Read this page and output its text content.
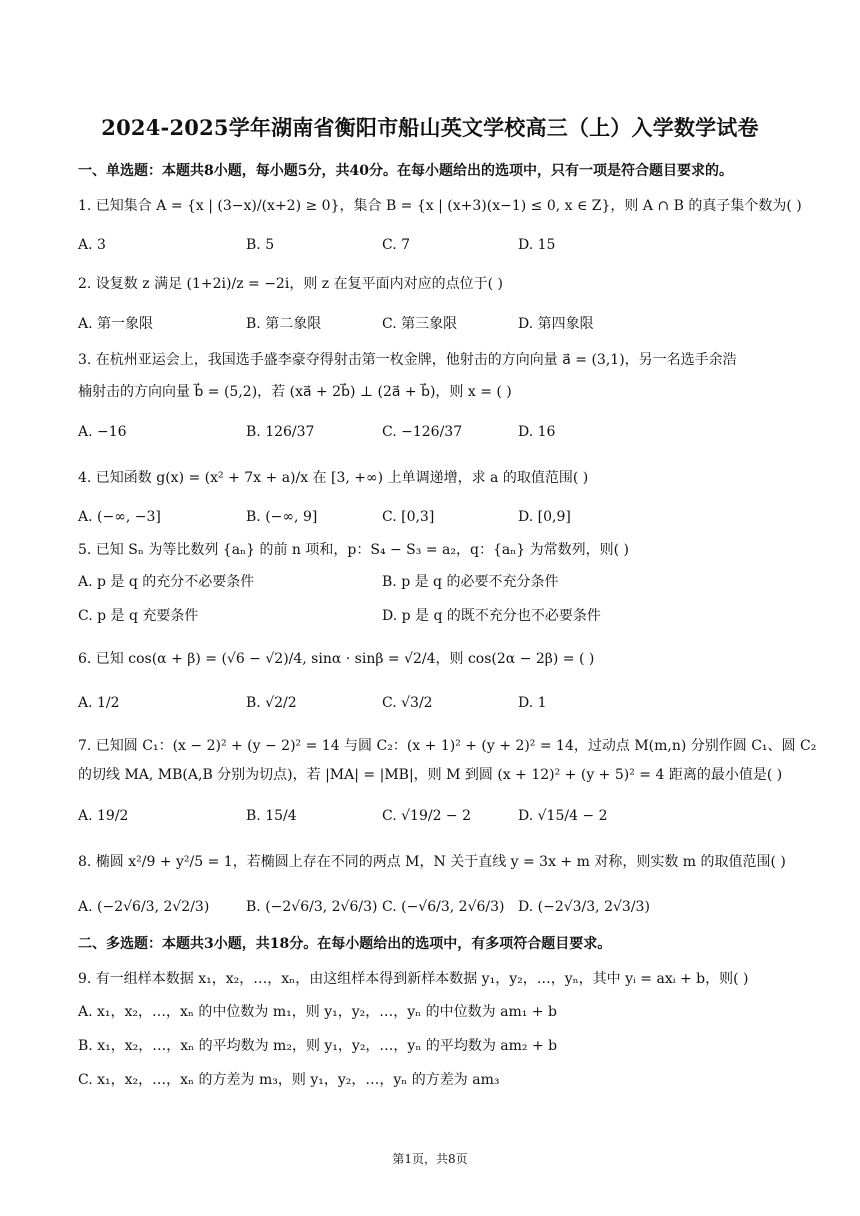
2024-2025学年湖南省衡阳市船山英文学校高三（上）入学数学试卷
一、单选题：本题共8小题，每小题5分，共40分。在每小题给出的选项中，只有一项是符合题目要求的。
1. 已知集合 A = {x | (3−x)/(x+2) ≥ 0}，集合 B = {x | (x+3)(x−1) ≤ 0, x ∈ Z}，则 A ∩ B 的真子集个数为( )
A. 3	B. 5	C. 7	D. 15
2. 设复数 z 满足 (1+2i)/z = −2i，则 z 在复平面内对应的点位于( )
A. 第一象限	B. 第二象限	C. 第三象限	D. 第四象限
3. 在杭州亚运会上，我国选手盛李豪夺得射击第一枚金牌，他射击的方向向量 a⃗ = (3,1)，另一名选手余浩
楠射击的方向向量 b⃗ = (5,2)，若 (xa⃗ + 2b⃗) ⊥ (2a⃗ + b⃗)，则 x = ( )
A. −16	B. 126/37	C. −126/37	D. 16
4. 已知函数 g(x) = (x² + 7x + a)/x 在 [3, +∞) 上单调递增，求 a 的取值范围( )
A. (−∞, −3]	B. (−∞, 9]	C. [0,3]	D. [0,9]
5. 已知 Sₙ 为等比数列 {aₙ} 的前 n 项和，p：S₄ − S₃ = a₂，q：{aₙ} 为常数列，则( )
A. p 是 q 的充分不必要条件	B. p 是 q 的必要不充分条件
C. p 是 q 充要条件	D. p 是 q 的既不充分也不必要条件
6. 已知 cos(α + β) = (√6 − √2)/4, sinα · sinβ = √2/4，则 cos(2α − 2β) = ( )
A. 1/2	B. √2/2	C. √3/2	D. 1
7. 已知圆 C₁：(x − 2)² + (y − 2)² = 14 与圆 C₂：(x + 1)² + (y + 2)² = 14，过动点 M(m,n) 分别作圆 C₁、圆 C₂
的切线 MA, MB(A,B 分别为切点)，若 |MA| = |MB|，则 M 到圆 (x + 12)² + (y + 5)² = 4 距离的最小值是( )
A. 19/2	B. 15/4	C. √19/2 − 2	D. √15/4 − 2
8. 椭圆 x²/9 + y²/5 = 1，若椭圆上存在不同的两点 M，N 关于直线 y = 3x + m 对称，则实数 m 的取值范围( )
A. (−2√6/3, 2√2/3)	B. (−2√6/3, 2√6/3) C. (−√6/3, 2√6/3) D. (−2√3/3, 2√3/3)
二、多选题：本题共3小题，共18分。在每小题给出的选项中，有多项符合题目要求。
9. 有一组样本数据 x₁，x₂，…，xₙ，由这组样本得到新样本数据 y₁，y₂，…，yₙ，其中 yᵢ = axᵢ + b，则( )
A. x₁，x₂，…，xₙ 的中位数为 m₁，则 y₁，y₂，…，yₙ 的中位数为 am₁ + b
B. x₁，x₂，…，xₙ 的平均数为 m₂，则 y₁，y₂，…，yₙ 的平均数为 am₂ + b
C. x₁，x₂，…，xₙ 的方差为 m₃，则 y₁，y₂，…，yₙ 的方差为 am₃
第1页，共8页
